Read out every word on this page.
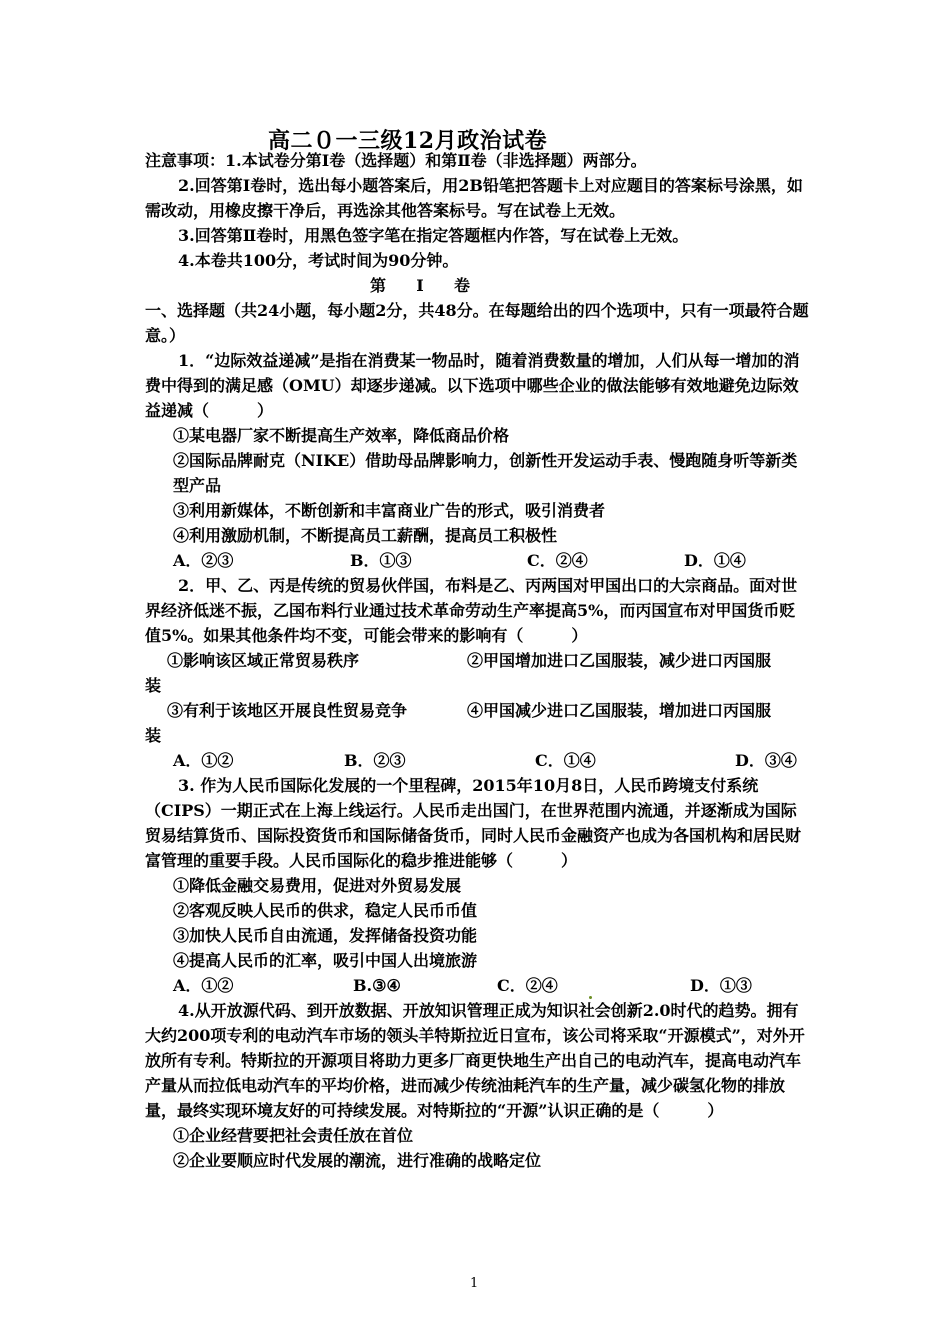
高二０一三级12月政治试卷

注意事项：1.本试卷分第Ⅰ卷（选择题）和第Ⅱ卷（非选择题）两部分。

2.回答第Ⅰ卷时，选出每小题答案后，用2B铅笔把答题卡上对应题目的答案标号涂黑，如需改动，用橡皮擦干净后，再选涂其他答案标号。写在试卷上无效。

3.回答第Ⅱ卷时，用黑色签字笔在指定答题框内作答，写在试卷上无效。

4.本卷共100分，考试时间为90分钟。

第 Ⅰ 卷

一、选择题（共24小题，每小题2分，共48分。在每题给出的四个选项中，只有一项最符合题意。）

1．“边际效益递减”是指在消费某一物品时，随着消费数量的增加，人们从每一增加的消费中得到的满足感（OMU）却逐步递减。以下选项中哪些企业的做法能够有效地避免边际效益递减（　　　）

①某电器厂家不断提高生产效率，降低商品价格

②国际品牌耐克（NIKE）借助母品牌影响力，创新性开发运动手表、慢跑随身听等新类型产品

③利用新媒体，不断创新和丰富商业广告的形式，吸引消费者

④利用激励机制，不断提高员工薪酬，提高员工积极性

A．②③	B．①③	C．②④	D．①④

2．甲、乙、丙是传统的贸易伙伴国，布料是乙、丙两国对甲国出口的大宗商品。面对世界经济低迷不振，乙国布料行业通过技术革命劳动生产率提高5%，而丙国宣布对甲国货币贬值5%。如果其他条件均不变，可能会带来的影响有（　　　）

①影响该区域正常贸易秩序	②甲国增加进口乙国服装，减少进口丙国服

装

③有利于该地区开展良性贸易竞争	④甲国减少进口乙国服装，增加进口丙国服

装

A．①②	B．②③	C．①④	D．③④

3. 作为人民币国际化发展的一个里程碑，2015年10月8日，人民币跨境支付系统（CIPS）一期正式在上海上线运行。人民币走出国门，在世界范围内流通，并逐渐成为国际贸易结算货币、国际投资货币和国际储备货币，同时人民币金融资产也成为各国机构和居民财富管理的重要手段。人民币国际化的稳步推进能够（　　　）

①降低金融交易费用，促进对外贸易发展

②客观反映人民币的供求，稳定人民币币值

③加快人民币自由流通，发挥储备投资功能

④提高人民币的汇率，吸引中国人出境旅游

A．①②	B.③④	C．②④	D．①③

4.从开放源代码、到开放数据、开放知识管理正成为知识社会创新2.0时代的趋势。拥有大约200项专利的电动汽车市场的领头羊特斯拉近日宣布，该公司将采取“开源模式”，对外开放所有专利。特斯拉的开源项目将助力更多厂商更快地生产出自己的电动汽车，提高电动汽车产量从而拉低电动汽车的平均价格，进而减少传统油耗汽车的生产量，减少碳氢化物的排放量，最终实现环境友好的可持续发展。对特斯拉的“开源”认识正确的是（　　　）

①企业经营要把社会责任放在首位

②企业要顺应时代发展的潮流，进行准确的战略定位

1
